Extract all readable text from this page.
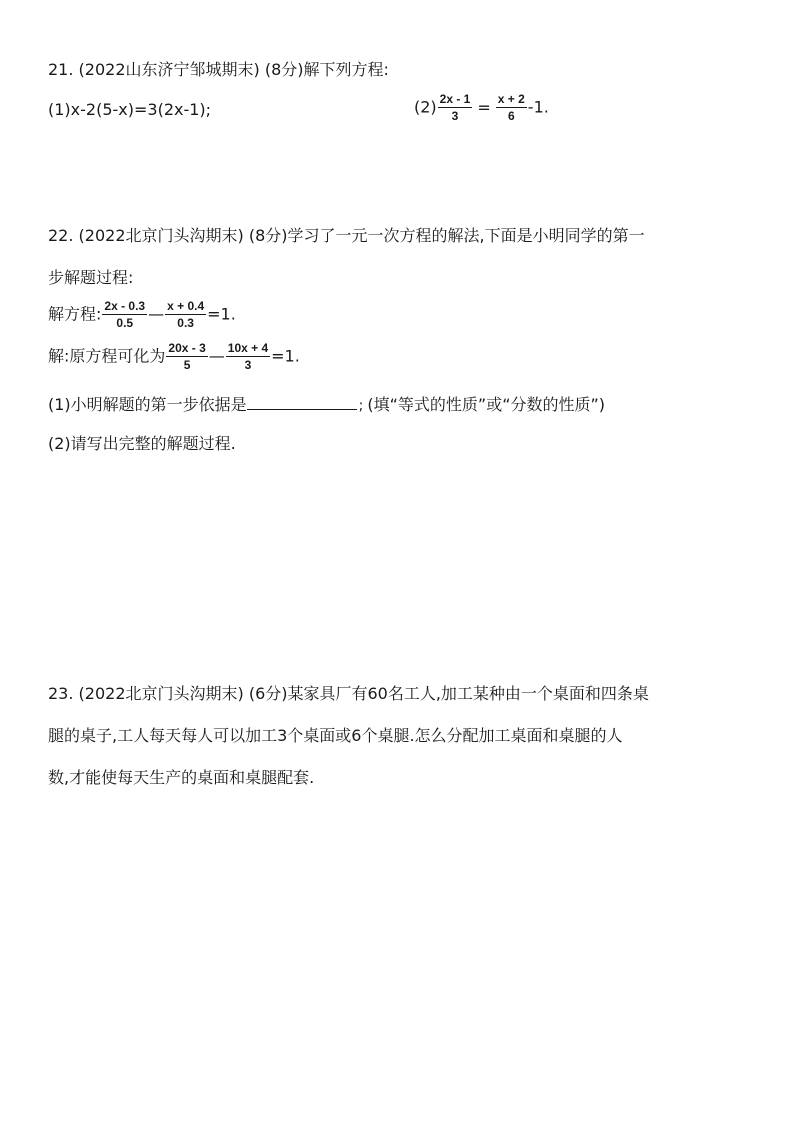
21. (2022山东济宁邹城期末) (8分)解下列方程:
(1)x-2(5-x)=3(2x-1);	$(2) \frac{2x - 1}{3} = \frac{x + 2}{6} -1$.
22. (2022北京门头沟期末) (8分)学习了一元一次方程的解法,下面是小明同学的第一
步解题过程:
解方程: $\frac{2x - 0.3}{0.5}$ — $\frac{x + 0.4}{0.3} =1$.
解:原方程可化为 $\frac{20x - 3}{5}$ — $\frac{10x + 4}{3} =1$.
(1)小明解题的第一步依据是	; (填“等式的性质”或“分数的性质”)
(2)请写出完整的解题过程.
23. (2022北京门头沟期末) (6分)某家具厂有60名工人,加工某种由一个桌面和四条桌
腿的桌子,工人每天每人可以加工3个桌面或6个桌腿.怎么分配加工桌面和桌腿的人
数,才能使每天生产的桌面和桌腿配套.
